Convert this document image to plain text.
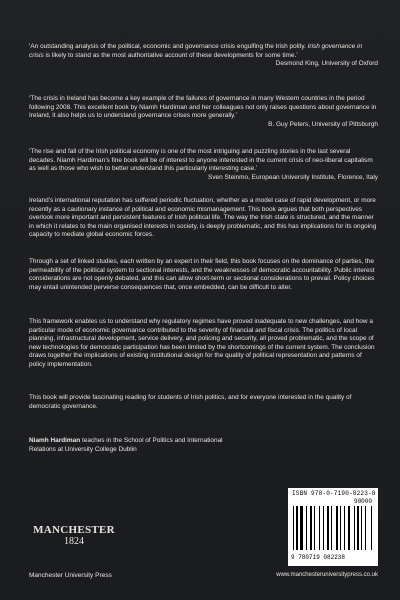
‘An outstanding analysis of the political, economic and governance crisis engulfing the Irish polity. Irish governance in crisis is likely to stand as the most authoritative account of these developments for some time.’

Desmond King, University of Oxford

‘The crisis in Ireland has become a key example of the failures of governance in many Western countries in the period following 2008. This excellent book by Niamh Hardiman and her colleagues not only raises questions about governance in Ireland, it also helps us to understand governance crises more generally.’

B. Guy Peters, University of Pittsburgh

‘The rise and fall of the Irish political economy is one of the most intriguing and puzzling stories in the last several decades. Niamh Hardiman’s fine book will be of interest to anyone interested in the current crisis of neo-liberal capitalism as well as those who wish to better understand this particularly interesting case.’

Sven Steinmo, European University Institute, Florence, Italy

Ireland’s international reputation has suffered periodic fluctuation, whether as a model case of rapid development, or more recently as a cautionary instance of political and economic mismanagement. This book argues that both perspectives overlook more important and persistent features of Irish political life. The way the Irish state is structured, and the manner in which it relates to the main organised interests in society, is deeply problematic, and this has implications for its ongoing capacity to mediate global economic forces.

Through a set of linked studies, each written by an expert in their field, this book focuses on the dominance of parties, the permeability of the political system to sectional interests, and the weaknesses of democratic accountability. Public interest considerations are not openly debated, and this can allow short-term or sectional considerations to prevail. Policy choices may entail unintended perverse consequences that, once embedded, can be difficult to alter.

This framework enables us to understand why regulatory regimes have proved inadequate to new challenges, and how a particular mode of economic governance contributed to the severity of financial and fiscal crisis. The politics of local planning, infrastructural development, service delivery, and policing and security, all proved problematic, and the scope of new technologies for democratic participation has been limited by the shortcomings of the current system. The conclusion draws together the implications of existing institutional design for the quality of political representation and patterns of policy implementation.

This book will provide fascinating reading for students of Irish politics, and for everyone interested in the quality of democratic governance.

Niamh Hardiman teaches in the School of Politics and International Relations at University College Dublin

ISBN 978-0-7190-8223-8
90000
9 780719 082238
MANCHESTER
1824
Manchester University Press	www.manchesteruniversitypress.co.uk
